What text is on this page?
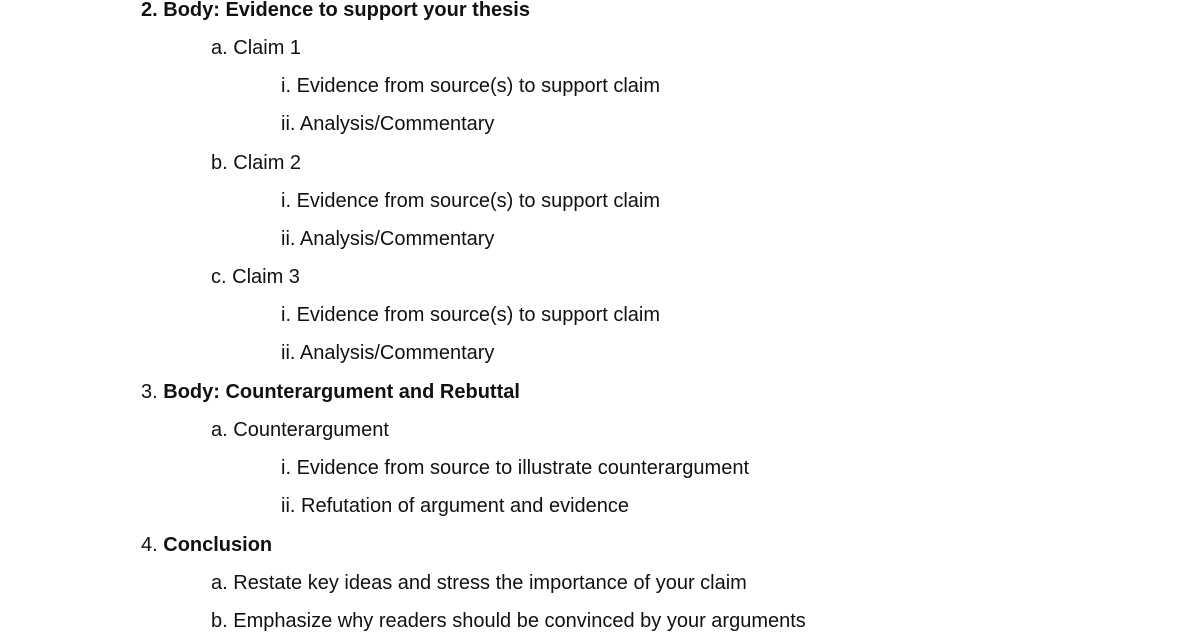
2. Body: Evidence to support your thesis
a. Claim 1
i. Evidence from source(s) to support claim
ii. Analysis/Commentary
b. Claim 2
i. Evidence from source(s) to support claim
ii. Analysis/Commentary
c. Claim 3
i. Evidence from source(s) to support claim
ii. Analysis/Commentary
3. Body: Counterargument and Rebuttal
a. Counterargument
i. Evidence from source to illustrate counterargument
ii. Refutation of argument and evidence
4. Conclusion
a. Restate key ideas and stress the importance of your claim
b. Emphasize why readers should be convinced by your arguments
